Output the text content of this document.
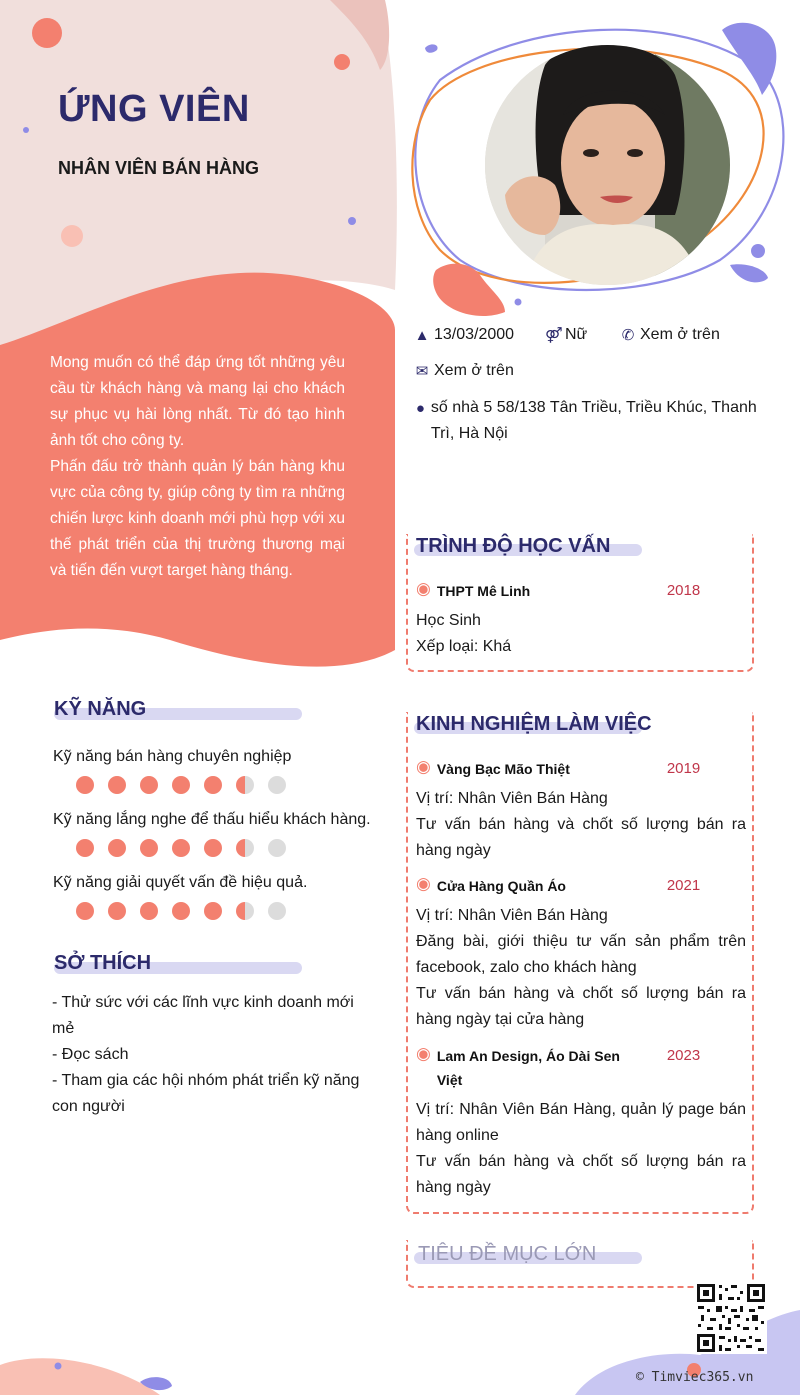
ỨNG VIÊN
NHÂN VIÊN BÁN HÀNG

Mong muốn có thể đáp ứng tốt những yêu cầu từ khách hàng và mang lại cho khách sự phục vụ hài lòng nhất. Từ đó tạo hình ảnh tốt cho công ty.

Phấn đấu trở thành quản lý bán hàng khu vực của công ty, giúp công ty tìm ra những chiến lược kinh doanh mới phù hợp với xu thế phát triển của thị trường thương mại và tiến đến vượt target hàng tháng.

▲ 13/03/2000 ⚤ Nữ ✆ Xem ở trên
✉ Xem ở trên
● số nhà 5 58/138 Tân Triều, Triều Khúc, Thanh Trì, Hà Nội
KỸ NĂNG
Kỹ năng bán hàng chuyên nghiệp
Kỹ năng lắng nghe để thấu hiểu khách hàng.
Kỹ năng giải quyết vấn đề hiệu quả.
SỞ THÍCH
- Thử sức với các lĩnh vực kinh doanh mới mẻ
- Đọc sách
- Tham gia các hội nhóm phát triển kỹ năng con người
TRÌNH ĐỘ HỌC VẤN
◉ THPT Mê Linh	2018
Học Sinh
Xếp loại: Khá
KINH NGHIỆM LÀM VIỆC
◉ Vàng Bạc Mão Thiệt	2019
Vị trí: Nhân Viên Bán Hàng
Tư vấn bán hàng và chốt số lượng bán ra hàng ngày
◉ Cửa Hàng Quần Áo	2021
Vị trí: Nhân Viên Bán Hàng
Đăng bài, giới thiệu tư vấn sản phẩm trên facebook, zalo cho khách hàng
Tư vấn bán hàng và chốt số lượng bán ra hàng ngày tại cửa hàng
◉ Lam An Design, Áo Dài Sen Việt
2023
Vị trí: Nhân Viên Bán Hàng, quản lý page bán hàng online
Tư vấn bán hàng và chốt số lượng bán ra hàng ngày
TIÊU ĐỀ MỤC LỚN
© Timviec365.vn
